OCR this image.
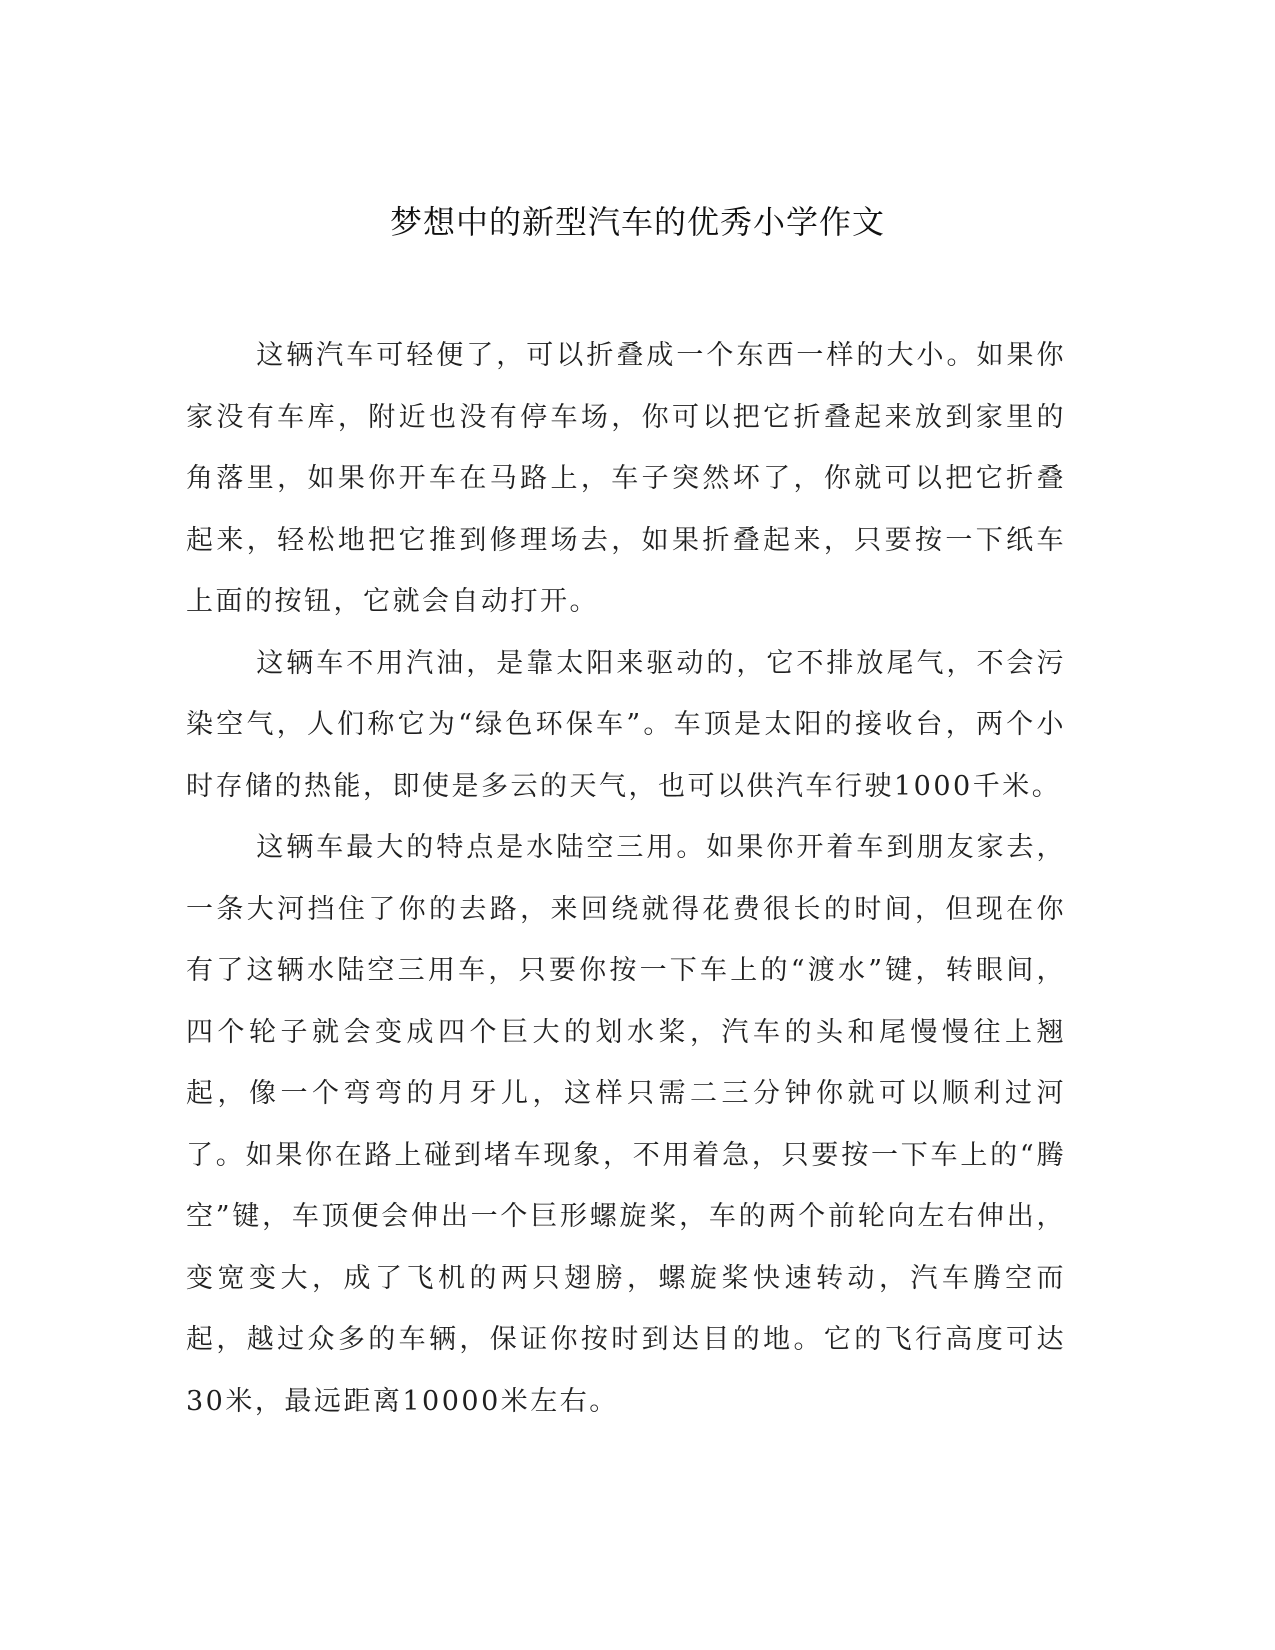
梦想中的新型汽车的优秀小学作文

这辆汽车可轻便了，可以折叠成一个东西一样的大小。如果你家没有车库，附近也没有停车场，你可以把它折叠起来放到家里的角落里，如果你开车在马路上，车子突然坏了，你就可以把它折叠起来，轻松地把它推到修理场去，如果折叠起来，只要按一下纸车上面的按钮，它就会自动打开。

这辆车不用汽油，是靠太阳来驱动的，它不排放尾气，不会污染空气，人们称它为“绿色环保车”。车顶是太阳的接收台，两个小时存储的热能，即使是多云的天气，也可以供汽车行驶1000千米。

这辆车最大的特点是水陆空三用。如果你开着车到朋友家去，一条大河挡住了你的去路，来回绕就得花费很长的时间，但现在你有了这辆水陆空三用车，只要你按一下车上的“渡水”键，转眼间，四个轮子就会变成四个巨大的划水桨，汽车的头和尾慢慢往上翘起，像一个弯弯的月牙儿，这样只需二三分钟你就可以顺利过河了。如果你在路上碰到堵车现象，不用着急，只要按一下车上的“腾空”键，车顶便会伸出一个巨形螺旋桨，车的两个前轮向左右伸出，变宽变大，成了飞机的两只翅膀，螺旋桨快速转动，汽车腾空而起，越过众多的车辆，保证你按时到达目的地。它的飞行高度可达30米，最远距离10000米左右。
